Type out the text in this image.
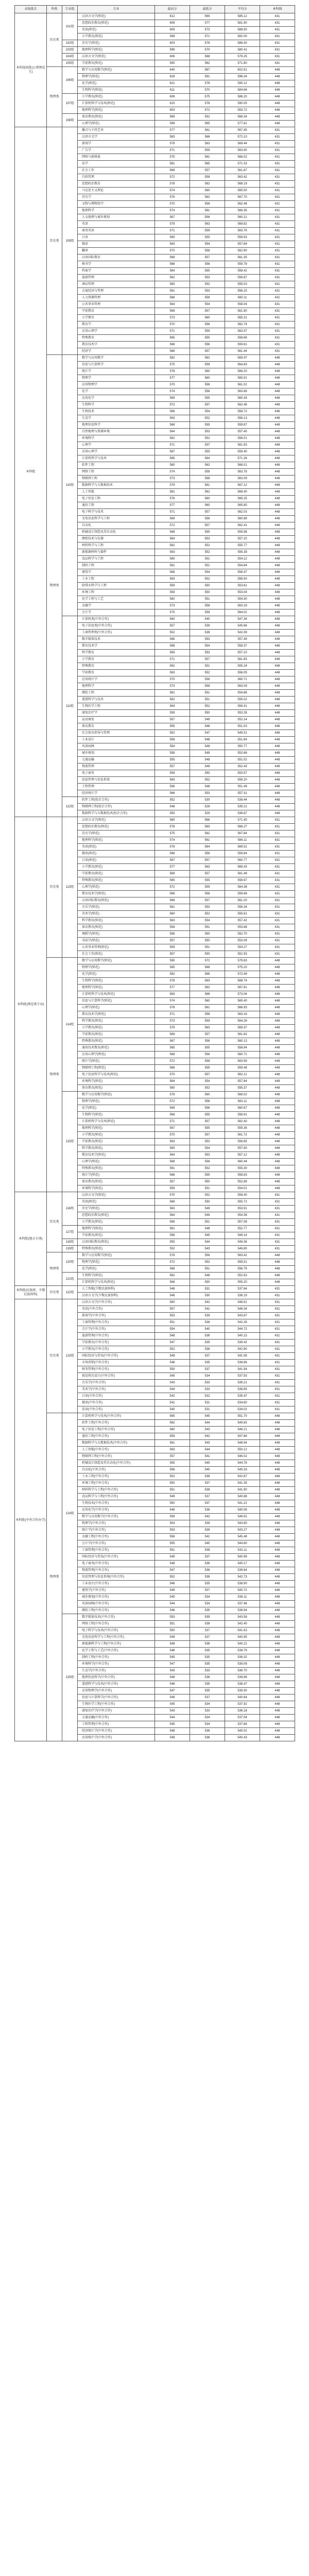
录取批次	科类	专业组	专业	最高分	最低分	平均分	本科线
本科提前批(公费师范生)	历史类	101组	汉语言文学(师范)	612	569	585.12	431
			思想政治教育(师范)	609	577	581.90	431
			英语(师范)	609	573	588.50	431
			小学教育(师范)	598	571	582.00	431
		102组	历史学(师范)	603	576	586.30	431
		103组	地理科学(师范)	599	570	580.41	431
		104组	汉语言文学(师范)	606	568	579.25	431
		105组	学前教育(师范)	590	562	571.80	431
	物理类	106组	数学与应用数学(师范)	640	587	602.51	448
			物理学(师范)	628	581	596.34	448
			化学(师范)	621	576	590.12	448
			生物科学(师范)	611	570	584.66	448
		107组	小学教育(师范)	606	575	586.20	448
			计算机科学与技术(师范)	615	578	590.05	448
			地理科学(师范)	603	572	583.72	448
		108组	体育教育(师范)	589	552	566.34	448
			心理学(师范)	598	565	577.81	448
本科批	历史类	109组	播音与主持艺术	577	561	567.45	431
			汉语言文学	583	566	572.10	431
			新闻学	579	563	569.44	431
			广告学	571	559	563.90	431
			网络与新媒体	575	561	566.02	431
			法学	581	565	571.33	431
			社会工作	569	557	561.87	431
			行政管理	572	558	563.42	431
			思想政治教育	578	562	568.19	431
			马克思主义理论	574	560	565.50	431
			历史学	576	562	567.70	431
			文物与博物馆学	570	558	562.48	431
			地理科学	574	561	566.35	431
			人文地理与城乡规划	567	556	560.21	431
			英语	579	563	569.82	431
			商务英语	571	559	563.76	431
			日语	565	555	558.93	431
			俄语	563	554	557.64	431
			翻译	570	558	562.90	431
			汉语国际教育	568	557	561.35	431
			秘书学	566	556	559.78	431
			档案学	564	555	558.42	431
			旅游管理	562	553	556.87	431
			酒店管理	560	552	555.03	431
			会展经济与管理	561	553	556.20	431
			人力资源管理	566	556	560.11	431
			公共事业管理	564	554	558.04	431
			学前教育	569	557	561.90	431
			小学教育	573	560	565.31	431
			教育学	570	558	562.74	431
			应用心理学	571	559	563.37	431
			特殊教育	565	555	558.66	431
			教育技术学	566	556	559.81	431
			经济学	568	557	561.44	431
	物理类	110组	数学与应用数学	582	562	569.47	448
			信息与计算科学	575	559	564.83	448
			统计学	578	560	566.20	448
			物理学	577	560	565.91	448
			应用物理学	570	556	561.02	448
			化学	574	558	563.66	448
			应用化学	569	555	560.34	448
			生物科学	572	557	562.48	448
			生物技术	566	554	558.72	448
			生态学	563	552	556.13	448
			地理信息科学	568	555	559.87	448
			自然地理与资源环境	564	553	557.45	448
			环境科学	562	552	556.01	448
			心理学	571	557	561.93	448
			应用心理学	567	555	559.40	448
			计算机科学与技术	585	564	571.26	448
			软件工程	580	562	568.01	448
			网络工程	574	559	563.78	448
			物联网工程	573	558	563.09	448
			数据科学与大数据技术	579	561	567.12	448
			人工智能	581	562	568.40	448
			电子信息工程	576	560	565.25	448
			通信工程	577	560	565.80	448
			电子科学与技术	571	557	562.03	448
			光电信息科学与工程	569	556	560.88	448
			自动化	572	557	562.41	448
			机械设计制造及其自动化	568	555	559.96	448
			测控技术与仪器	564	553	557.20	448
			材料科学与工程	562	552	555.77	448
			新能源材料与器件	563	552	556.39	448
			食品科学与工程	560	551	554.12	448
			制药工程	561	551	554.84	448
			建筑学	566	554	558.47	448
			土木工程	563	552	556.50	448
			给排水科学与工程	559	550	553.61	448
			环境工程	558	550	553.04	448
			化学工程与工艺	560	551	554.30	448
			金融学	573	558	563.18	448
			会计学	575	559	564.02	448
		111组	计算机类(中外合作)	560	540	547.34	448
			电子信息类(中外合作)	557	539	545.66	448
			工商管理类(中外合作)	552	536	542.08	448
			数字媒体技术	566	553	557.49	448
			教育技术学	568	554	558.37	448
			科学教育	565	553	557.10	448
			小学教育	571	557	561.83	448
			特殊教育	562	551	555.24	448
			学前教育	563	552	556.05	448
			应用统计学	570	556	560.71	448
			地理科学	573	558	563.09	448
			测绘工程	561	551	554.66	448
			遥感科学与技术	562	551	555.02	448
			生物医学工程	564	552	556.41	448
			康复治疗学	559	550	553.28	448
			运动康复	557	549	552.14	448
			体育教育	555	548	551.03	448
			社会体育指导与管理	552	547	549.31	448
			工业设计	556	548	551.64	448
			风景园林	554	548	550.77	448
			城乡规划	558	549	552.66	448
			交通运输	555	548	551.02	448
			物流管理	557	549	552.43	448
			电子商务	559	550	553.57	448
			信息管理与信息系统	563	552	556.20	448
			工程管理	556	548	551.49	448
			经济统计学	566	553	557.31	448
		112组	软件工程(校企合作)	552	530	538.44	448
			物联网工程(校企合作)	548	528	535.21	448
			数据科学与大数据技术(校企合作)	550	529	536.87	448
本科批(师范类专业)	历史类	113组	汉语言文学(师范)	580	566	571.40	431
			思想政治教育(师范)	576	563	568.27	431
			历史学(师范)	575	562	567.64	431
			地理科学(师范)	574	561	566.11	431
			英语(师范)	578	564	569.52	431
			俄语(师范)	566	556	559.84	431
			日语(师范)	567	557	560.77	431
			小学教育(师范)	577	563	568.43	431
			学前教育(师范)	569	557	561.49	431
			特殊教育(师范)	565	555	558.97	431
			心理学(师范)	572	559	564.36	431
			教育技术学(师范)	566	556	559.68	431
			汉语国际教育(师范)	568	557	561.20	431
			音乐学(师范)	561	553	556.34	431
			美术学(师范)	560	552	555.61	431
			科学教育(师范)	563	554	557.42	431
			体育教育(师范)	558	551	553.88	431
			舞蹈学(师范)	556	550	552.70	431
			书法学(师范)	557	550	553.09	431
			公共事业管理(师范)	559	551	554.27	431
			社会工作(师范)	557	550	552.93	431
	物理类	114组	数学与应用数学(师范)	590	572	579.63	448
			物理学(师范)	585	568	575.20	448
			化学(师范)	582	566	572.49	448
			生物科学(师范)	578	563	568.74	448
			地理科学(师范)	577	562	567.81	448
			计算机科学与技术(师范)	583	566	573.06	448
			信息与计算科学(师范)	574	560	565.40	448
			心理学(师范)	576	561	566.93	448
			教育技术学(师范)	571	558	563.16	448
			科学教育(师范)	573	559	564.28	448
			小学教育(师范)	579	563	569.37	448
			学前教育(师范)	569	557	561.82	448
			特殊教育(师范)	567	556	560.13	448
			通用技术教育(师范)	565	555	558.94	448
			应用心理学(师范)	568	556	560.71	448
			统计学(师范)	572	558	563.59	448
			物联网工程(师范)	566	555	559.48	448
			电子信息科学与技术(师范)	570	557	562.21	448
			环境科学(师范)	564	554	557.84	448
			体育教育(师范)	560	552	555.37	448
		115组	数学与应用数学(师范)	576	560	566.02	448
			物理学(师范)	572	558	563.11	448
			化学(师范)	569	556	560.67	448
			生物科学(师范)	566	555	558.91	448
			计算机科学与技术(师范)	571	557	562.40	448
			地理科学(师范)	567	555	559.36	448
			小学教育(师范)	570	557	561.72	448
			学前教育(师范)	563	553	556.85	448
			科学教育(师范)	565	554	557.90	448
			教育技术学(师范)	564	553	557.12	448
			心理学(师范)	568	556	560.44	448
			特殊教育(师范)	561	552	555.30	448
			统计学(师范)	566	555	558.63	448
			体育教育(师范)	557	550	552.88	448
			环境科学(师范)	559	551	554.01	448
本科批(地方专项)	历史类	116组	汉语言文学(师范)	570	552	558.40	431
			英语(师范)	566	550	555.72	431
			历史学(师范)	563	549	553.91	431
			思想政治教育(师范)	564	549	554.36	431
			小学教育(师范)	568	551	557.08	431
		117组	地理科学(师范)	561	548	552.77	431
			学前教育(师范)	556	545	549.14	431
		118组	汉语国际教育(师范)	555	544	548.36	431
		119组	特殊教育(师范)	552	543	546.80	431
	物理类	120组	数学与应用数学(师范)	578	556	563.42	448
			物理学(师范)	572	553	559.31	448
			化学(师范)	568	551	556.75	448
		121组	生物科学(师范)	562	548	552.63	448
			计算机科学与技术(师范)	566	550	555.20	448
本科批(民族班、少数民族预科)	历史类	122组	人工智能(少数民族预科)	548	531	537.64	431
			汉语言文学(少数民族预科)	546	530	536.19	431
本科批(中外合作办学)	历史类	123组	汉语言文学(中外合作)	560	542	548.51	431
			英语(中外合作)	557	541	546.34	431
			新闻学(中外合作)	553	539	543.87	431
			工商管理(中外合作)	551	538	542.26	431
			会计学(中外合作)	554	540	544.72	431
			旅游管理(中外合作)	548	536	540.15	431
			学前教育(中外合作)	547	535	539.42	431
			小学教育(中外合作)	552	538	542.90	431
			国际经济与贸易(中外合作)	549	537	541.08	431
			市场营销(中外合作)	546	535	538.66	431
			财务管理(中外合作)	550	537	541.54	431
			视觉传达设计(中外合作)	545	534	537.93	431
			音乐学(中外合作)	543	533	536.21	431
			美术学(中外合作)	544	533	536.85	431
			日语(中外合作)	542	532	535.47	431
			俄语(中外合作)	541	531	534.60	431
			法语(中外合作)	540	531	534.02	431
	物理类	124组	计算机科学与技术(中外合作)	565	545	551.70	448
			软件工程(中外合作)	562	544	549.83	448
			电子信息工程(中外合作)	560	543	548.21	448
			通信工程(中外合作)	559	542	547.66	448
			数据科学与大数据技术(中外合作)	561	543	548.94	448
			人工智能(中外合作)	563	544	550.12	448
			物联网工程(中外合作)	557	541	546.02	448
			机械设计制造及其自动化(中外合作)	555	540	544.78	448
			自动化(中外合作)	556	540	545.33	448
			土木工程(中外合作)	552	538	542.67	448
			环境工程(中外合作)	550	537	541.35	448
			材料科学与工程(中外合作)	551	538	541.90	448
			食品科学与工程(中外合作)	549	537	540.88	448
			生物技术(中外合作)	550	537	541.22	448
			应用化学(中外合作)	548	536	540.06	448
			数学与应用数学(中外合作)	558	542	546.91	448
			物理学(中外合作)	554	539	543.80	448
			统计学(中外合作)	553	539	543.27	448
			金融工程(中外合作)	556	541	545.48	448
			会计学(中外合作)	555	540	544.60	448
			工商管理(中外合作)	551	538	542.11	448
			国际经济与贸易(中外合作)	549	537	540.99	448
			电子商务(中外合作)	548	536	540.17	448
			物流管理(中外合作)	547	536	539.64	448
			信息管理与信息系统(中外合作)	552	538	542.73	448
			工业设计(中外合作)	546	535	538.90	448
			建筑学(中外合作)	549	537	540.72	448
			城乡规划(中外合作)	545	534	538.11	448
			风景园林(中外合作)	544	534	537.46	448
			测绘工程(中外合作)	546	535	538.54	448
		125组	数字媒体技术(中外合作)	553	539	543.58	448
			网络工程(中外合作)	551	538	542.40	448
			电子科学与技术(中外合作)	550	537	541.63	448
			光电信息科学与工程(中外合作)	549	537	540.95	448
			新能源科学与工程(中外合作)	548	536	540.21	448
			化学工程与工艺(中外合作)	546	535	538.79	448
			制药工程(中外合作)	545	535	538.32	448
			环境科学(中外合作)	547	535	539.08	448
			生态学(中外合作)	543	533	536.70	448
			地理信息科学(中外合作)	548	536	539.86	448
			遥感科学与技术(中外合作)	546	535	538.47	448
			应用物理学(中外合作)	547	535	539.30	448
			信息与计算科学(中外合作)	549	537	540.64	448
			生物医学工程(中外合作)	545	534	537.92	448
			康复治疗学(中外合作)	543	533	536.18	448
			交通运输(中外合作)	544	534	537.04	448
			工程管理(中外合作)	545	534	537.66	448
			经济统计学(中外合作)	548	536	540.02	448
			应用统计学(中外合作)	549	536	540.43	448
